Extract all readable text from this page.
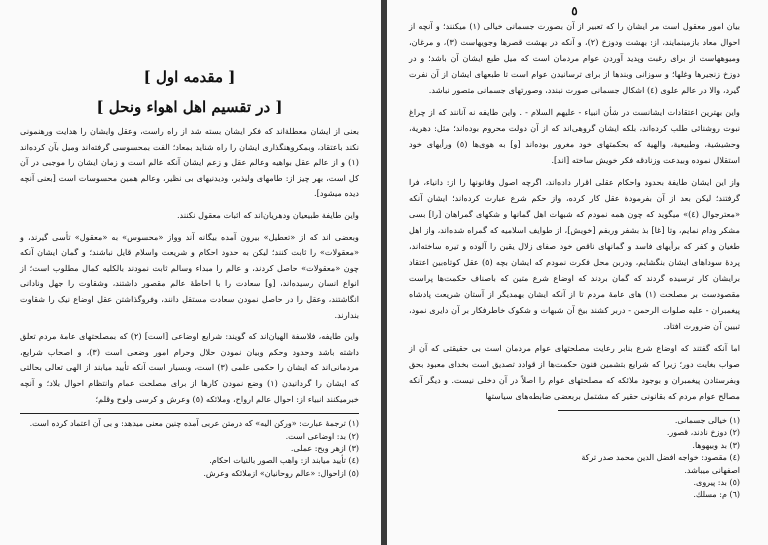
[ مقدمه اول ]
[ در تقسیم اهل اهواء ونحل ]

بعنی از ایشان معطلة‌اند که فکر ایشان بسته شد از راه راست، وعقل وایشان را هدایت ورهنمونی نکند باعتقاد، وبمکروهنگذاری ایشان را راه شناید بمعاد؛ الفت بمحسوسی گرفته‌اند ومیل بآن کرده‌اند (١) و از عالم عقل بواهیه وعالم عقل و زعم ایشان آنکه عالم است و زمان ایشان را موجبی در آن کل است، بهر چیز از: طامهای ولیذیر، ودیدنیهای بی نظیر، وعالم همین محسوسات است [بعنی آنچه دیده میشود].

واین طایفة طبیعیان ودهریان‌اند که اثبات معقول نکنند.

وبعضی اند که از «تعطیل» بیرون آمده بیگانه آند وواز «محسوس» به «معقول» تأسی گیرند، و «معقولات» را ثابت کنند؛ لیکن به حدود احکام و شریعت واسلام قایل نباشند؛ و گمان ایشان آنکه چون «معقولات» حاصل کردند، و عالم را مبداء وسالم ثابت نمودند بالکلیه کمال مطلوب است؛ از انواع انسان رسیده‌اند، [و] سعادت را با احاطهٔ عالم مقصور داشتند، وشقاوت را جهل ونادانی انگاشتند، وعقل را در حاصل نمودن سعادت مستقل دانند، وفروگذاشتن عقل اوضاع نیک را شقاوت بندارند.

واین طایفه، فلاسفة الهیان‌اند که گویند: شرایع اوضاعی [است] (٢) که بمصلحتهای عامهٔ مردم تعلق داشته باشد وحدود وحکم وبیان نمودن حلال وحرام امور وضعی است (٣)، و اصحاب شرایع، مردمانی‌اند که ایشان را حکمی علمی (٣) است، وبسیار است آنکه تأیید میابند از الهی تعالی بحالتی که ایشان را گردانیدن (١) وضع نمودن کارها از برای مصلحت عمام وانتظام احوال بلاد؛ و آنچه خبرمیکنند انبیاء از: احوال عالم ارواح، وملائکه (٥) وعرش و کرسی ولوح وقلم؛

(١) ترجمهٔ عبارت: «وركن اليه» كه درمتن عربی آمده چنین معنی میدهد: و بی آن اعتماد کرده است.

(٢) بد: اوضاعی است.

(٣) ازهر وبح: عملی.

(٤) تأیید میابند از: واهب الصور بالنیات احکام.

(٥) ازاحوال: «عالم روحانیان» ازملائکه وعرش.

٥

بیان امور معقول است مر ایشان را که تعبیر از آن بصورت جسمانی خیالی (١) میکنند؛ و آنچه از احوال معاد بازمینمایند، از: بهشت ودوزخ (٢)، و آنکه در بهشت قصرها وجویهاست (٣)، و مرغان، ومیوههاست از برای رغبت وپدید آوردن عوام مردمان است که میل طبع ایشان آن باشد؛ و در دوزخ زنجیرها وغلها؛ و سوزانی وبندها از برای ترسانیدن عوام است تا طبعهای ایشان از آن نفرت گیرد، والا در عالم علوی (٤) اشکال جسمانی صورت نبندد، وصورتهای جسمانی متصور نباشد.

واین بهترین اعتقادات ایشانست در شأن انبیاء - علیهم السلام - . واین طایفه نه آنانند که از چراغ نبوت روشنائی طلب کرده‌اند، بلکه ایشان گروهی‌اند که از آن دولت محروم بوده‌اند؛ مثل: دهریة، وحشیشیة، وطبیعیة، والهیة که بحکمتهای خود مغرور بوده‌اند [و] به هوی‌ها (٥) ورأیهای خود استقلال نموده وبیدعت وزنادقه فکر خویش ساخته [اند].

واز این ایشان طایفة بحدود واحکام عقلی اقرار داده‌اند، اگرچه اصول وقانونها را از: دانیاء، فرا گرفتند؛ لیکن بعد از آن بفرمودة عقل کار کرده، واز حکم شرع عبارت کرده‌اند؛ ایشان آنکه «معترجوال (٤)» میگوید که چون همه نمودم که شبهات اهل گمانها و شکهای گمراهان [را] بسی مشکر ودام نمایم، وتا [غا] بذ بشفر وربفم [خویش]، از طوایف اسلامیه که گمراه شده‌اند، واز اهل طغیان و کفر که برأیهای فاسد و گمانهای ناقص خود صفای زلال یقین را آلوده و تیره ساخته‌اند، پردهٔ سوداهای ایشان بنگشایم، ودربن محل فکرت نمودم که ایشان بچه (٥) عقل کوتاه‌بین اعتقاد برایشان کار ترسیده گردند که گمان بردند که اوضاع شرع متین که باصناف حکمت‌ها پراست مقصودست بر مصلحت (١) های عامهٔ مردم تا از آنکه ایشان بهمدیگر از آستان شریعت پادشاه پیغمبران - علیه صلوات الرحمن - دربر کشند بیخ آن شبهات و شکوک خاطرفکار بر آن دایری نمود، تبیین آن ضرورت افتاد.

اما آنکه گفتند که اوضاع شرع بنابر رعایت مصلحتهای عوام مردمان است بی حقیقتی که آن از صواب بغایت دور؛ زیرا که شرایع بتشمین فنون حکمت‌ها از قوادد تصدیق است بخدای معبود بحق وبفرستادن پیغمبران و بوجود ملائکه که مصلحتهای عوام را اصلاً در آن دخلی نیست. و دیگر آنکه مصالح عوام مردم که بقانونی حقیر که مشتمل بربعضی ضابطه‌های سیاستها

(١) خیالی جسمانی.

(٢) دوزخ نادند، قصور.

(٣) بد وبیهوها.

(٤) مقصود: خواجه افضل الدین محمد صدر ترکة اصفهانی میباشد.

(٥) بد: پیروی.

(٦) م: مسلك.
